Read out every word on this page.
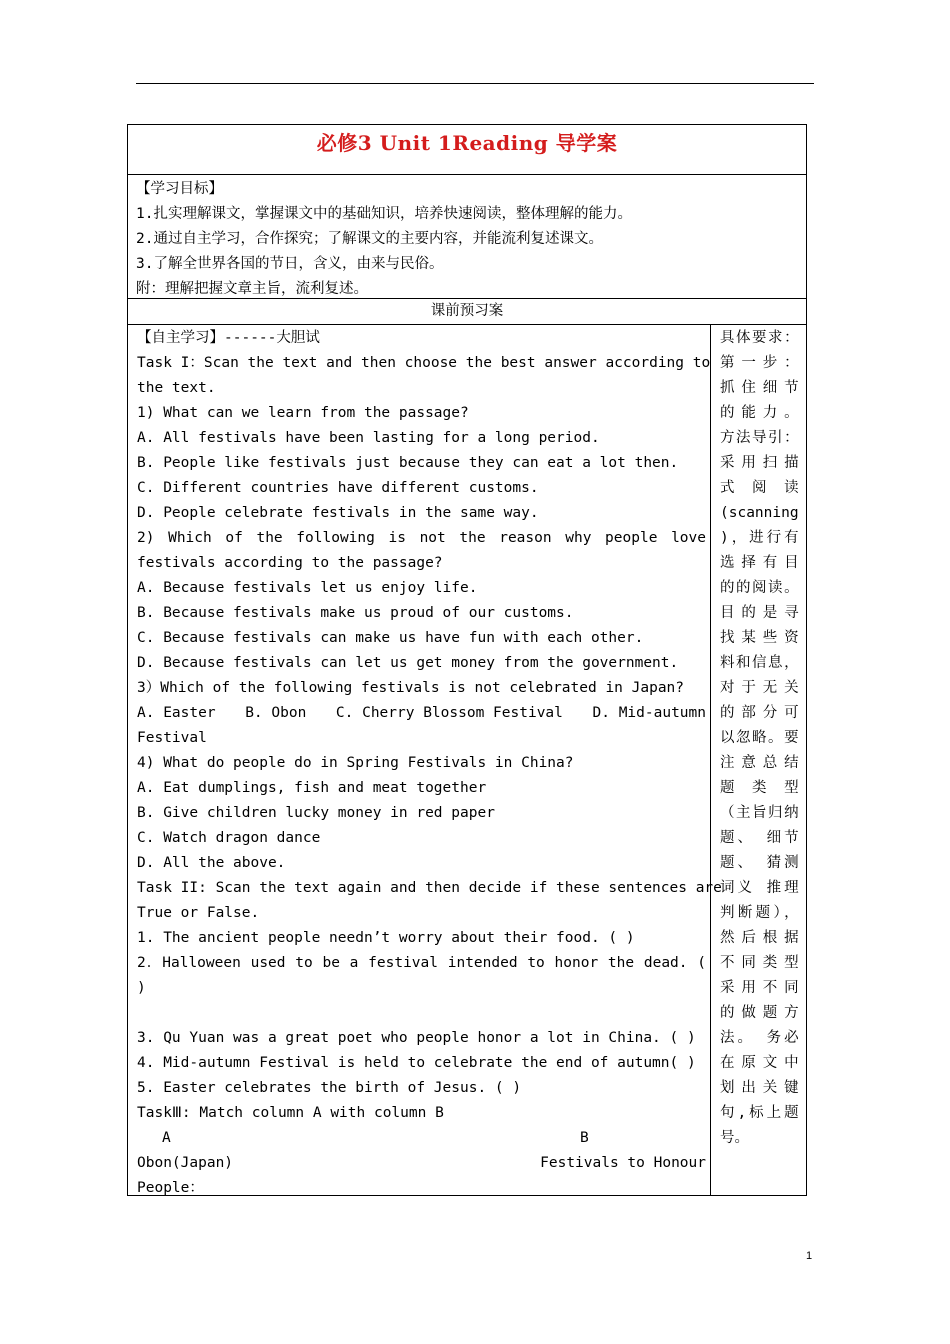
必修3 Unit 1Reading 导学案
【学习目标】
1.扎实理解课文，掌握课文中的基础知识，培养快速阅读，整体理解的能力。
2.通过自主学习，合作探究；了解课文的主要内容，并能流利复述课文。
3.了解全世界各国的节日，含义，由来与民俗。
附：理解把握文章主旨，流利复述。
课前预习案
【自主学习】------大胆试
Task I：Scan the text and then choose the best answer according to
the text.
1) What can we learn from the passage?
A. All festivals have been lasting for a long period.
B. People like festivals just because they can eat a lot then.
C. Different countries have different customs.
D. People celebrate festivals in the same way.
2) Which of the following is not the reason why people love
festivals according to the passage?
A. Because festivals let us enjoy life.
B. Because festivals make us proud of our customs.
C. Because festivals can make us have fun with each other.
D. Because festivals can let us get money from the government.
3）Which of the following festivals is not celebrated in Japan?
A. Easter B. Obon C. Cherry Blossom Festival D. Mid-autumn
Festival
4) What do people do in Spring Festivals in China?
A. Eat dumplings, fish and meat together
B. Give children lucky money in red paper
C. Watch dragon dance
D. All the above.
Task II: Scan the text again and then decide if these sentences are
True or False.
1. The ancient people needn’t worry about their food. ( )
2．Halloween used to be a festival intended to honor the dead. (
)
3. Qu Yuan was a great poet who people honor a lot in China. ( )
4. Mid-autumn Festival is held to celebrate the end of autumn( )
5. Easter celebrates the birth of Jesus. ( )
TaskⅢ: Match column A with column B
A	B
Obon(Japan)	Festivals to Honour
People：
具体要求：
第一步：
抓住细节
的能力。
方法导引：
采用扫描
式 阅 读
(scanning
)，进行有
选择有目
的的阅读。
目的是寻
找某些资
料和信息，
对于无关
的部分可
以忽略。要
注意总结
题 类 型
（主旨归纳
题、 细节
题、 猜测
词义 推理
判断题），
然后根据
不同类型
采用不同
的做题方
法。 务必
在原文中
划出关键
句,标上题
号。
1
